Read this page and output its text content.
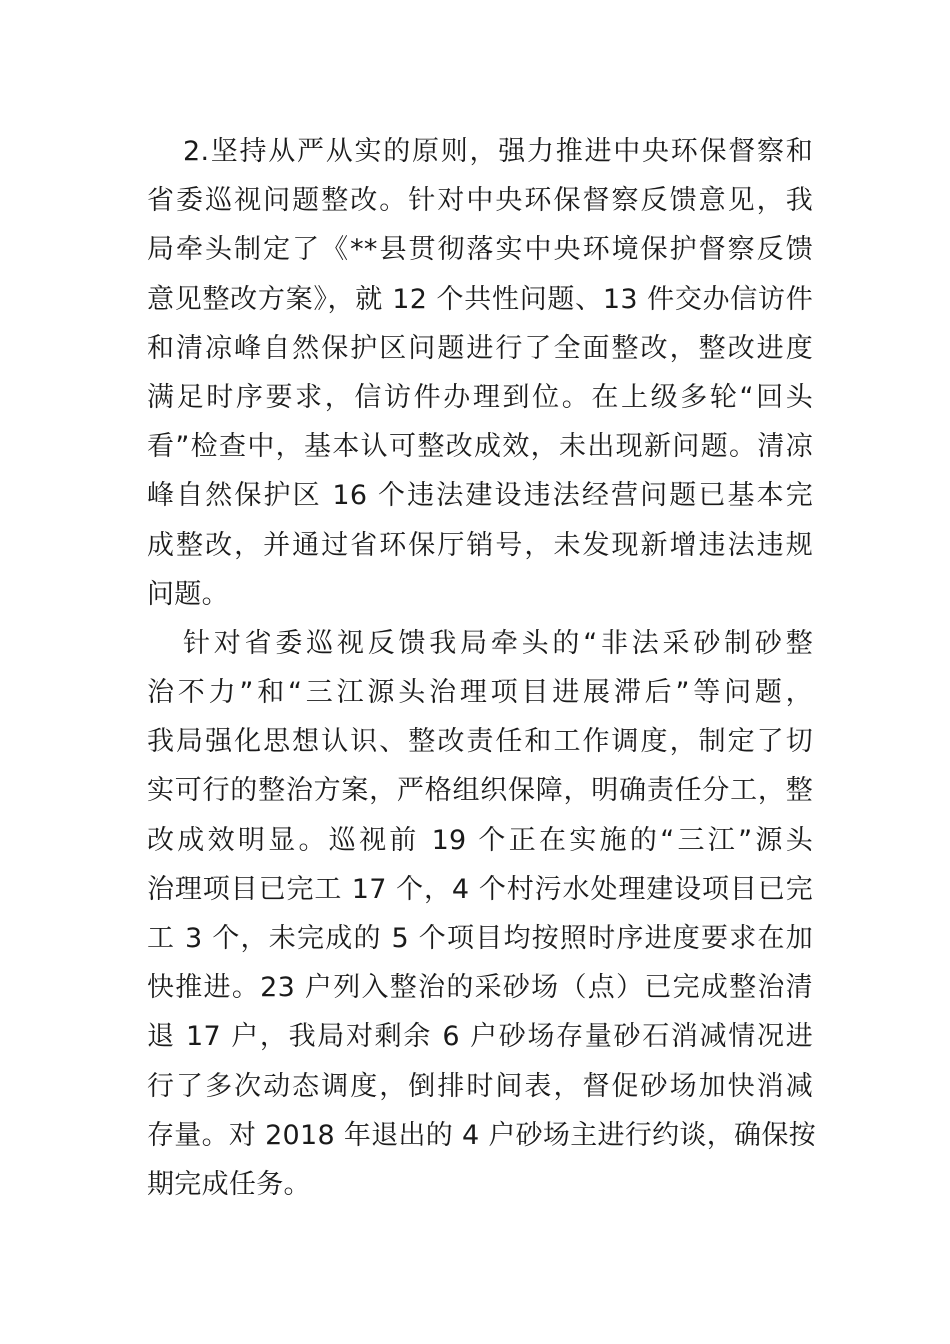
2.坚持从严从实的原则，强力推进中央环保督察和
省委巡视问题整改。针对中央环保督察反馈意见，我
局牵头制定了《**县贯彻落实中央环境保护督察反馈
意见整改方案》，就 12 个共性问题、13 件交办信访件
和清凉峰自然保护区问题进行了全面整改，整改进度
满足时序要求，信访件办理到位。在上级多轮“回头
看”检查中，基本认可整改成效，未出现新问题。清凉
峰自然保护区 16 个违法建设违法经营问题已基本完
成整改，并通过省环保厅销号，未发现新增违法违规
问题。
针对省委巡视反馈我局牵头的“非法采砂制砂整
治不力”和“三江源头治理项目进展滞后”等问题，
我局强化思想认识、整改责任和工作调度，制定了切
实可行的整治方案，严格组织保障，明确责任分工，整
改成效明显。巡视前 19 个正在实施的“三江”源头
治理项目已完工 17 个，4 个村污水处理建设项目已完
工 3 个，未完成的 5 个项目均按照时序进度要求在加
快推进。23 户列入整治的采砂场（点）已完成整治清
退 17 户，我局对剩余 6 户砂场存量砂石消减情况进
行了多次动态调度，倒排时间表，督促砂场加快消减
存量。对 2018 年退出的 4 户砂场主进行约谈，确保按
期完成任务。
